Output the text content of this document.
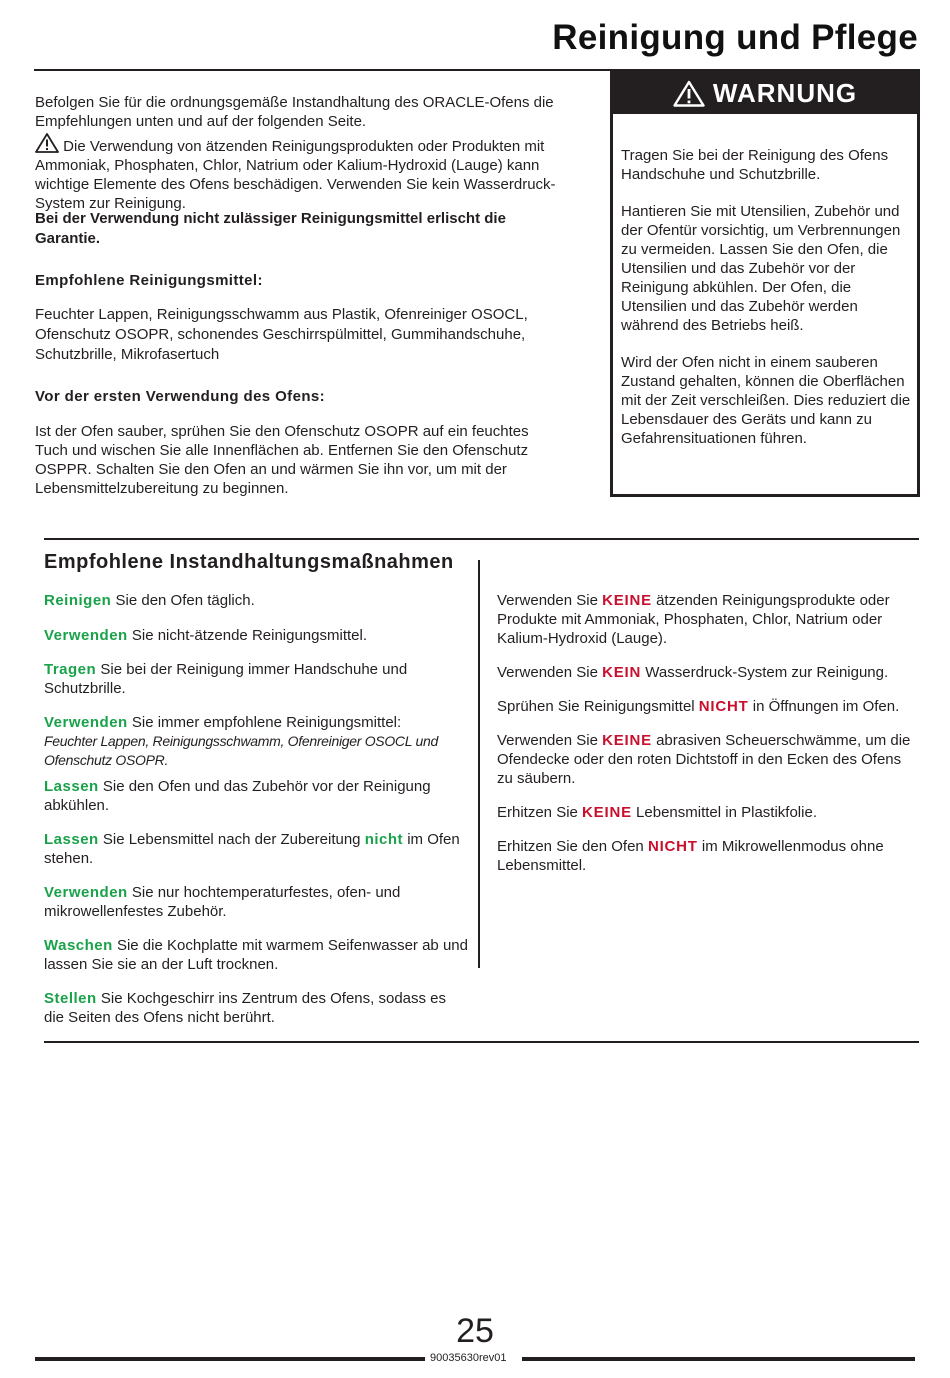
Reinigung und Pflege
Befolgen Sie für die ordnungsgemäße Instandhaltung des ORACLE-Ofens die Empfehlungen unten und auf der folgenden Seite.
Die Verwendung von ätzenden Reinigungsprodukten oder Produkten mit Ammoniak, Phosphaten, Chlor, Natrium oder Kalium-Hydroxid (Lauge) kann wichtige Elemente des Ofens beschädigen. Verwenden Sie kein Wasserdruck-System zur Reinigung.
Bei der Verwendung nicht zulässiger Reinigungsmittel erlischt die Garantie.
Empfohlene Reinigungsmittel:
Feuchter Lappen, Reinigungsschwamm aus Plastik, Ofenreiniger OSOCL, Ofenschutz OSOPR, schonendes Geschirrspülmittel, Gummihandschuhe, Schutzbrille, Mikrofasertuch
Vor der ersten Verwendung des Ofens:
Ist der Ofen sauber, sprühen Sie den Ofenschutz OSOPR auf ein feuchtes Tuch und wischen Sie alle Innenflächen ab. Entfernen Sie den Ofenschutz OSPPR. Schalten Sie den Ofen an und wärmen Sie ihn vor, um mit der Lebensmittelzubereitung zu beginnen.
WARNUNG

Tragen Sie bei der Reinigung des Ofens Handschuhe und Schutzbrille.

Hantieren Sie mit Utensilien, Zubehör und der Ofentür vorsichtig, um Verbrennungen zu vermeiden. Lassen Sie den Ofen, die Utensilien und das Zubehör vor der Reinigung abkühlen. Der Ofen, die Utensilien und das Zubehör werden während des Betriebs heiß.

Wird der Ofen nicht in einem sauberen Zustand gehalten, können die Oberflächen mit der Zeit verschleißen. Dies reduziert die Lebensdauer des Geräts und kann zu Gefahrensituationen führen.

Empfohlene Instandhaltungsmaßnahmen
Reinigen Sie den Ofen täglich.
Verwenden Sie nicht-ätzende Reinigungsmittel.
Tragen Sie bei der Reinigung immer Handschuhe und Schutzbrille.
Verwenden Sie immer empfohlene Reinigungsmittel:
Feuchter Lappen, Reinigungsschwamm, Ofenreiniger OSOCL und Ofenschutz OSOPR.
Lassen Sie den Ofen und das Zubehör vor der Reinigung abkühlen.
Lassen Sie Lebensmittel nach der Zubereitung nicht im Ofen stehen.
Verwenden Sie nur hochtemperaturfestes, ofen- und mikrowellenfestes Zubehör.
Waschen Sie die Kochplatte mit warmem Seifenwasser ab und lassen Sie sie an der Luft trocknen.
Stellen Sie Kochgeschirr ins Zentrum des Ofens, sodass es die Seiten des Ofens nicht berührt.
Verwenden Sie KEINE ätzenden Reinigungsprodukte oder Produkte mit Ammoniak, Phosphaten, Chlor, Natrium oder Kalium-Hydroxid (Lauge).
Verwenden Sie KEIN Wasserdruck-System zur Reinigung.
Sprühen Sie Reinigungsmittel NICHT in Öffnungen im Ofen.
Verwenden Sie KEINE abrasiven Scheuerschwämme, um die Ofendecke oder den roten Dichtstoff in den Ecken des Ofens zu säubern.
Erhitzen Sie KEINE Lebensmittel in Plastikfolie.
Erhitzen Sie den Ofen NICHT im Mikrowellenmodus ohne Lebensmittel.
25
90035630rev01
